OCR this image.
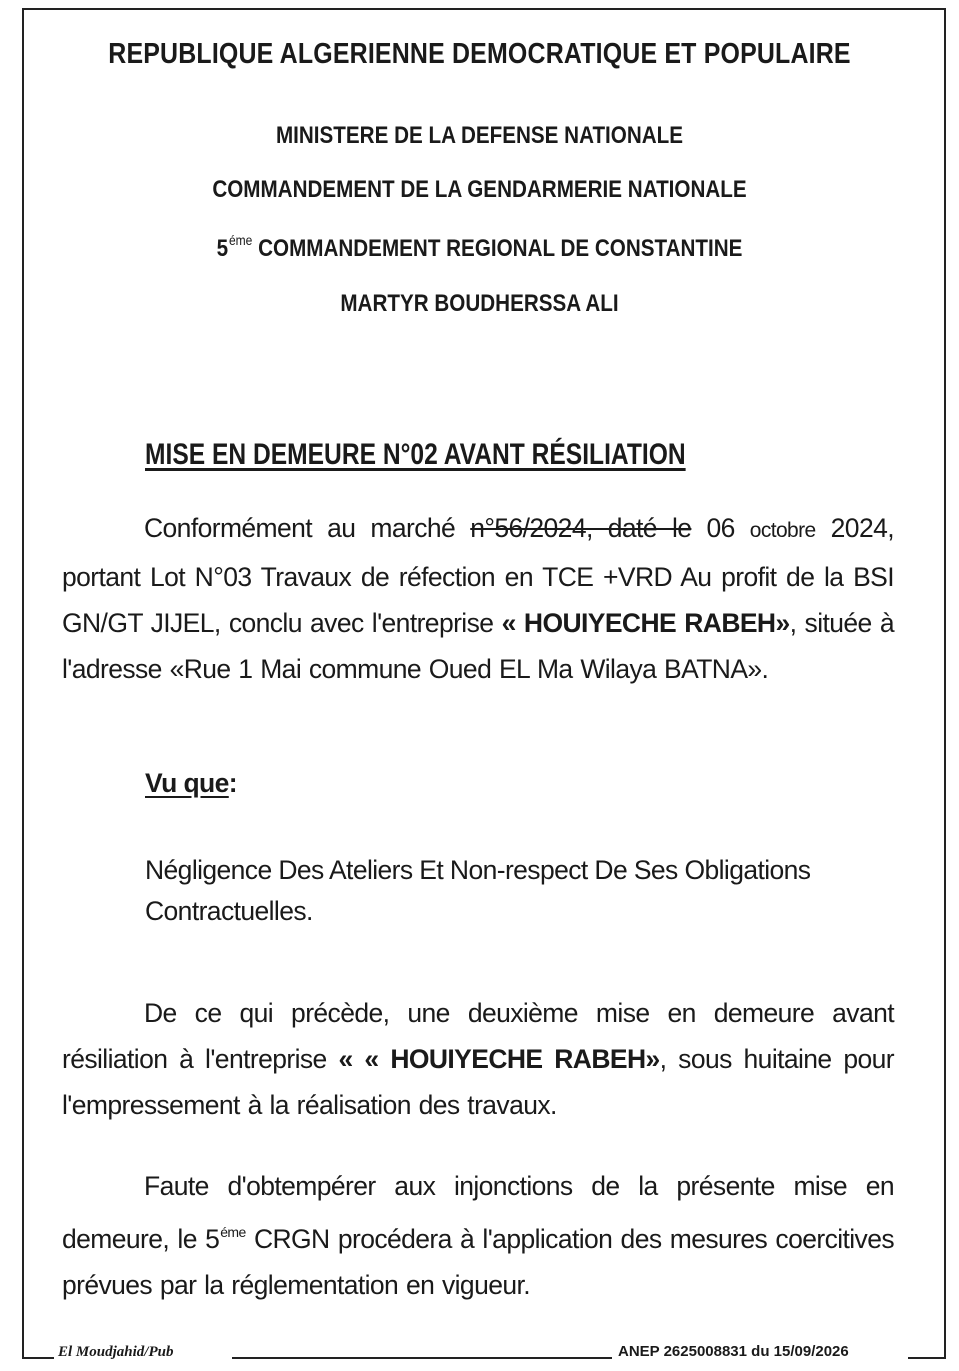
REPUBLIQUE ALGERIENNE DEMOCRATIQUE ET POPULAIRE
MINISTERE DE LA DEFENSE NATIONALE
COMMANDEMENT DE LA GENDARMERIE NATIONALE
$5^{éme}$ COMMANDEMENT REGIONAL DE CONSTANTINE
MARTYR BOUDHERSSA ALI
MISE EN DEMEURE N°02 AVANT RÉSILIATION
Conformément au marché n°56/2024, daté le 06 octobre 2024, portant Lot N°03 Travaux de réfection en TCE +VRD Au profit de la BSI GN/GT JIJEL, conclu avec l'entreprise « HOUIYECHE RABEH», située à l'adresse «Rue 1 Mai commune Oued EL Ma Wilaya BATNA».
Vu que:
Négligence Des Ateliers Et Non-respect De Ses Obligations Contractuelles.
De ce qui précède, une deuxième mise en demeure avant résiliation à l'entreprise « « HOUIYECHE RABEH», sous huitaine pour l'empressement à la réalisation des travaux.
Faute d'obtempérer aux injonctions de la présente mise en demeure, le $5^{éme}$ CRGN procédera à l'application des mesures coercitives prévues par la réglementation en vigueur.
El Moudjahid/Pub	ANEP 2625008831 du 15/09/2026
